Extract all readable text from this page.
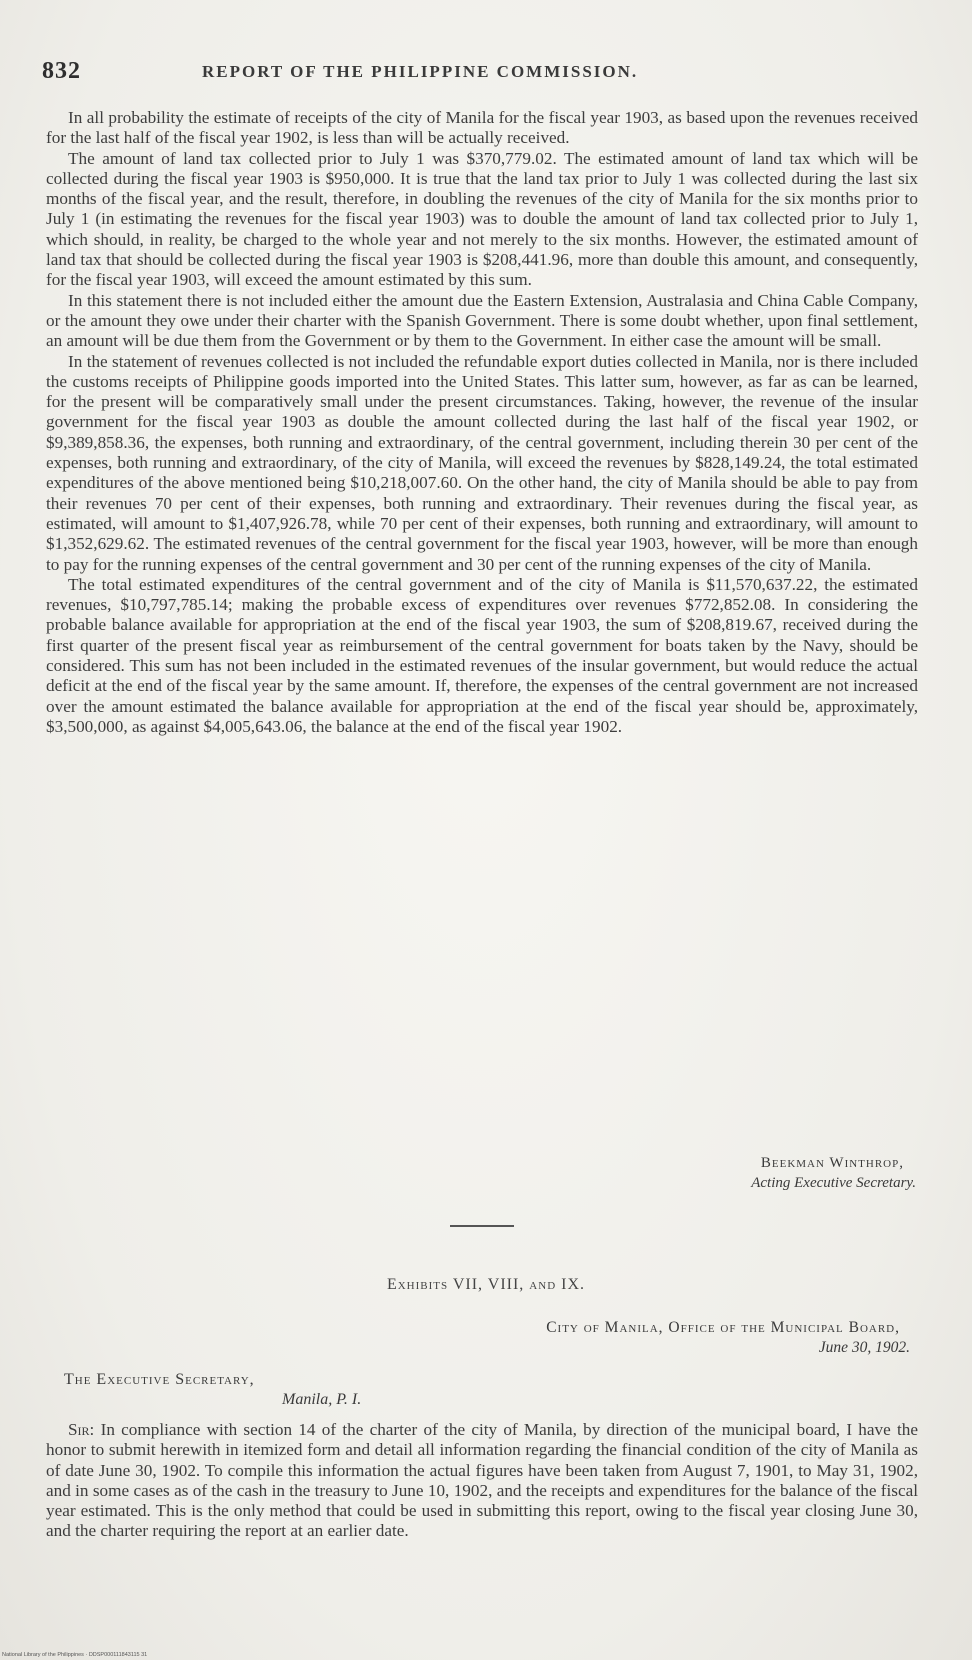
832	REPORT OF THE PHILIPPINE COMMISSION.

In all probability the estimate of receipts of the city of Manila for the fiscal year 1903, as based upon the revenues received for the last half of the fiscal year 1902, is less than will be actually received.

The amount of land tax collected prior to July 1 was $370,779.02. The estimated amount of land tax which will be collected during the fiscal year 1903 is $950,000. It is true that the land tax prior to July 1 was collected during the last six months of the fiscal year, and the result, therefore, in doubling the revenues of the city of Manila for the six months prior to July 1 (in estimating the revenues for the fiscal year 1903) was to double the amount of land tax collected prior to July 1, which should, in reality, be charged to the whole year and not merely to the six months. However, the estimated amount of land tax that should be collected during the fiscal year 1903 is $208,441.96, more than double this amount, and consequently, for the fiscal year 1903, will exceed the amount estimated by this sum.

In this statement there is not included either the amount due the Eastern Extension, Australasia and China Cable Company, or the amount they owe under their charter with the Spanish Government. There is some doubt whether, upon final settlement, an amount will be due them from the Government or by them to the Government. In either case the amount will be small.

In the statement of revenues collected is not included the refundable export duties collected in Manila, nor is there included the customs receipts of Philippine goods imported into the United States. This latter sum, however, as far as can be learned, for the present will be comparatively small under the present circumstances. Taking, however, the revenue of the insular government for the fiscal year 1903 as double the amount collected during the last half of the fiscal year 1902, or $9,389,858.36, the expenses, both running and extraordinary, of the central government, including therein 30 per cent of the expenses, both running and extraordinary, of the city of Manila, will exceed the revenues by $828,149.24, the total estimated expenditures of the above mentioned being $10,218,007.60. On the other hand, the city of Manila should be able to pay from their revenues 70 per cent of their expenses, both running and extraordinary. Their revenues during the fiscal year, as estimated, will amount to $1,407,926.78, while 70 per cent of their expenses, both running and extraordinary, will amount to $1,352,629.62. The estimated revenues of the central government for the fiscal year 1903, however, will be more than enough to pay for the running expenses of the central government and 30 per cent of the running expenses of the city of Manila.

The total estimated expenditures of the central government and of the city of Manila is $11,570,637.22, the estimated revenues, $10,797,785.14; making the probable excess of expenditures over revenues $772,852.08. In considering the probable balance available for appropriation at the end of the fiscal year 1903, the sum of $208,819.67, received during the first quarter of the present fiscal year as reimbursement of the central government for boats taken by the Navy, should be considered. This sum has not been included in the estimated revenues of the insular government, but would reduce the actual deficit at the end of the fiscal year by the same amount. If, therefore, the expenses of the central government are not increased over the amount estimated the balance available for appropriation at the end of the fiscal year should be, approximately, $3,500,000, as against $4,005,643.06, the balance at the end of the fiscal year 1902.

Beekman Winthrop,
Acting Executive Secretary.
Exhibits VII, VIII, and IX.
City of Manila, Office of the Municipal Board,
June 30, 1902.
The Executive Secretary,
Manila, P. I.

Sir: In compliance with section 14 of the charter of the city of Manila, by direction of the municipal board, I have the honor to submit herewith in itemized form and detail all information regarding the financial condition of the city of Manila as of date June 30, 1902. To compile this information the actual figures have been taken from August 7, 1901, to May 31, 1902, and in some cases as of the cash in the treasury to June 10, 1902, and the receipts and expenditures for the balance of the fiscal year estimated. This is the only method that could be used in submitting this report, owing to the fiscal year closing June 30, and the charter requiring the report at an earlier date.

National Library of the Philippines · DDSP000111843115 31
